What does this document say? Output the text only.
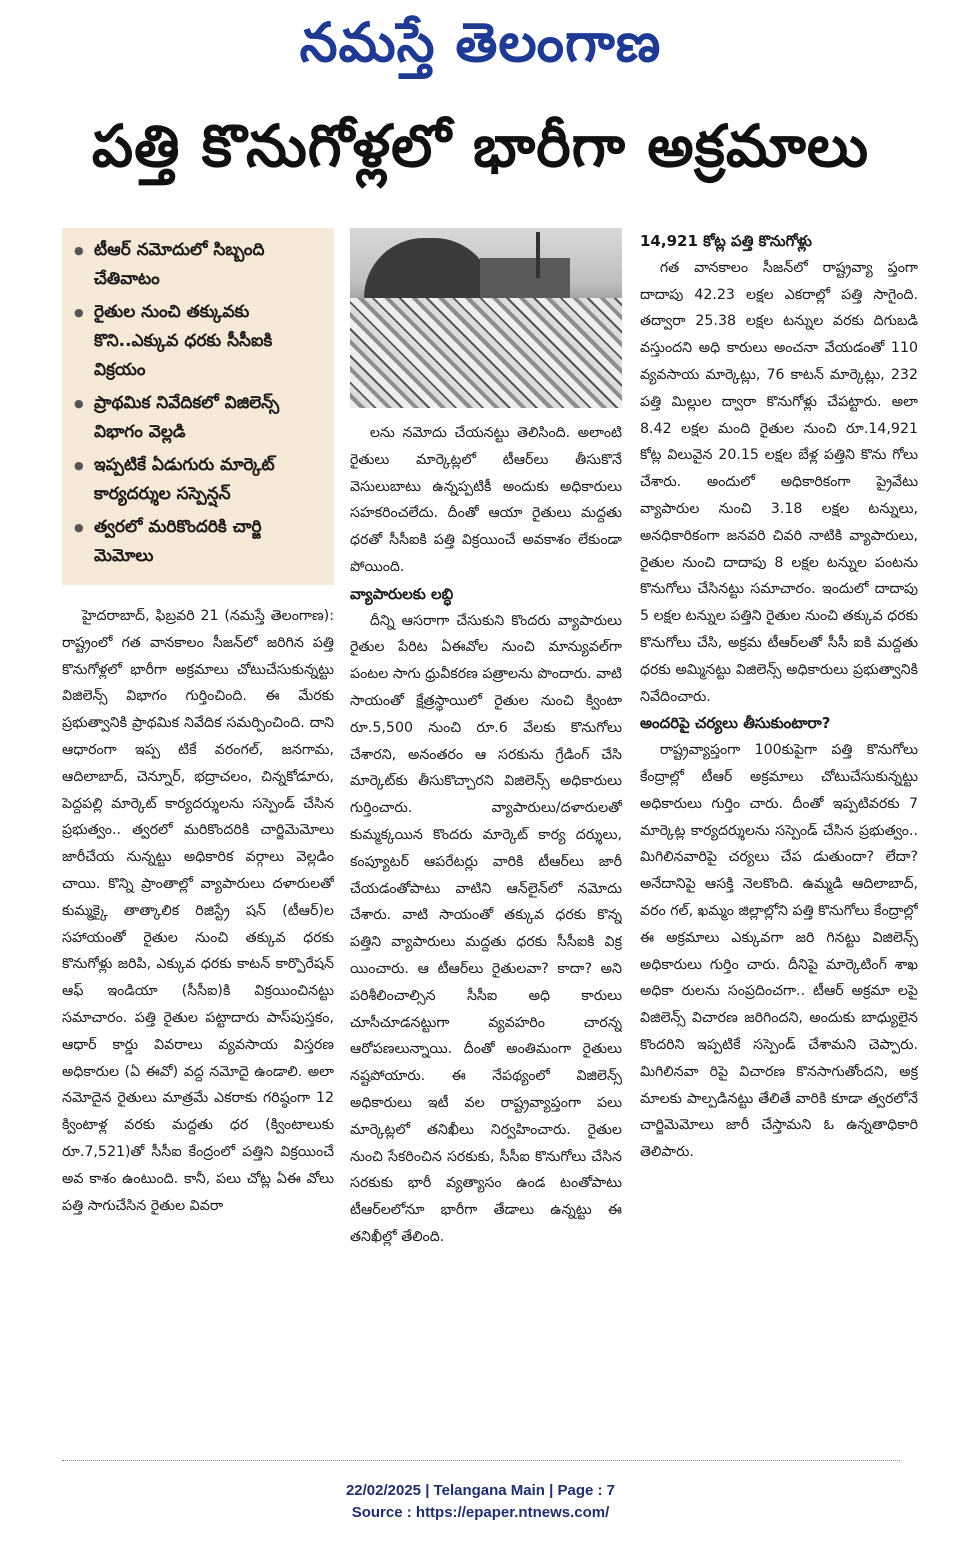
నమస్తే తెలంగాణ
పత్తి కొనుగోళ్లలో భారీగా అక్రమాలు
● టీఆర్ నమోదులో సిబ్బంది చేతివాటం
● రైతుల నుంచి తక్కువకు కొని..ఎక్కువ ధరకు సీసీఐకి విక్రయం
● ప్రాథమిక నివేదికలో విజిలెన్స్ విభాగం వెల్లడి
● ఇప్పటికే ఏడుగురు మార్కెట్ కార్యదర్శుల సస్పెన్షన్
● త్వరలో మరికొందరికి చార్జి మెమోలు

హైదరాబాద్, ఫిబ్రవరి 21 (నమస్తే తెలంగాణ): రాష్ట్రంలో గత వానకాలం సీజన్‌లో జరిగిన పత్తి కొనుగోళ్లలో భారీగా అక్రమాలు చోటుచేసుకున్నట్టు విజిలెన్స్ విభాగం గుర్తించింది. ఈ మేరకు ప్రభుత్వానికి ప్రాథమిక నివేదిక సమర్పించింది. దాని ఆధారంగా ఇప్ప టికే వరంగల్, జనగామ, ఆదిలాబాద్, చెన్నూర్, భద్రాచలం, చిన్నకోడూరు, పెద్దపల్లి మార్కెట్ కార్యదర్శులను సస్పెండ్ చేసిన ప్రభుత్వం.. త్వరలో మరికొందరికి చార్జిమెమోలు జారీచేయ నున్నట్టు అధికారిక వర్గాలు వెల్లడిం చాయి. కొన్ని ప్రాంతాల్లో వ్యాపారులు దళారులతో కుమ్మక్కై తాత్కాలిక రిజిస్ట్రే షన్ (టీఆర్)ల సహాయంతో రైతుల నుంచి తక్కువ ధరకు కొనుగోళ్లు జరిపి, ఎక్కువ ధరకు కాటన్ కార్పొరేషన్ ఆఫ్ ఇండియా (సీసీఐ)కి విక్రయించినట్టు సమాచారం. పత్తి రైతుల పట్టాదారు పాస్‌పుస్తకం, ఆధార్ కార్డు వివరాలు వ్యవసాయ విస్తరణ అధికారుల (ఏ ఈవో) వద్ద నమోదై ఉండాలి. అలా నమోదైన రైతులు మాత్రమే ఎకరాకు గరిష్ఠంగా 12 క్వింటాళ్ల వరకు మద్దతు ధర (క్వింటాలుకు రూ.7,521)తో సీసీఐ కేంద్రంలో పత్తిని విక్రయించే అవ కాశం ఉంటుంది. కానీ, పలు చోట్ల ఏఈ వోలు పత్తి సాగుచేసిన రైతుల వివరా

లను నమోదు చేయనట్టు తెలిసింది. అలాంటి రైతులు మార్కెట్లలో టీఆర్‌లు తీసుకొనే వెసులుబాటు ఉన్నప్పటికీ అందుకు అధికారులు సహకరించలేదు. దీంతో ఆయా రైతులు మద్దతు ధరతో సీసీఐకి పత్తి విక్రయించే అవకాశం లేకుండా పోయింది.

వ్యాపారులకు లబ్ధి

దీన్ని ఆసరాగా చేసుకుని కొందరు వ్యాపారులు రైతుల పేరిట ఏఈవోల నుంచి మాన్యువల్‌గా పంటల సాగు ధ్రువీకరణ పత్రాలను పొందారు. వాటి సాయంతో క్షేత్రస్థాయిలో రైతుల నుంచి క్వింటా రూ.5,500 నుంచి రూ.6 వేలకు కొనుగోలు చేశారని, అనంతరం ఆ సరకును గ్రేడింగ్ చేసి మార్కెట్‌కు తీసుకొచ్చారని విజిలెన్స్ అధికారులు గుర్తించారు. వ్యాపారులు/దళారులతో కుమ్మక్కయిన కొందరు మార్కెట్ కార్య దర్శులు, కంప్యూటర్ ఆపరేటర్లు వారికి టీఆర్‌లు జారీ చేయడంతోపాటు వాటిని ఆన్‌లైన్‌లో నమోదు చేశారు. వాటి సాయంతో తక్కువ ధరకు కొన్న పత్తిని వ్యాపారులు మద్దతు ధరకు సీసీఐకి విక్ర యించారు. ఆ టీఆర్‌లు రైతులవా? కాదా? అని పరిశీలించాల్సిన సీసీఐ అధి కారులు చూసీచూడనట్టుగా వ్యవహరిం చారన్న ఆరోపణలున్నాయి. దీంతో అంతిమంగా రైతులు నష్టపోయారు. ఈ నేపథ్యంలో విజిలెన్స్ అధికారులు ఇటీ వల రాష్ట్రవ్యాప్తంగా పలు మార్కెట్లలో తనిఖీలు నిర్వహించారు. రైతుల నుంచి సేకరించిన సరకుకు, సీసీఐ కొనుగోలు చేసిన సరకుకు భారీ వ్యత్యాసం ఉండ టంతోపాటు టీఆర్‌లలోనూ భారీగా తేడాలు ఉన్నట్టు ఈ తనిఖీల్లో తేలింది.

14,921 కోట్ల పత్తి కొనుగోళ్లు

గత వానకాలం సీజన్‌లో రాష్ట్రవ్యా ప్తంగా దాదాపు 42.23 లక్షల ఎకరాల్లో పత్తి సాగైంది. తద్వారా 25.38 లక్షల టన్నుల వరకు దిగుబడి వస్తుందని అధి కారులు అంచనా వేయడంతో 110 వ్యవసాయ మార్కెట్లు, 76 కాటన్ మార్కెట్లు, 232 పత్తి మిల్లుల ద్వారా కొనుగోళ్లు చేపట్టారు. అలా 8.42 లక్షల మంది రైతుల నుంచి రూ.14,921 కోట్ల విలువైన 20.15 లక్షల బేళ్ల పత్తిని కొను గోలు చేశారు. అందులో అధికారికంగా ప్రైవేటు వ్యాపారుల నుంచి 3.18 లక్షల టన్నులు, అనధికారికంగా జనవరి చివరి నాటికి వ్యాపారులు, రైతుల నుంచి దాదాపు 8 లక్షల టన్నుల పంటను కొనుగోలు చేసినట్టు సమాచారం. ఇందులో దాదాపు 5 లక్షల టన్నుల పత్తిని రైతుల నుంచి తక్కువ ధరకు కొనుగోలు చేసి, అక్రమ టీఆర్‌లతో సీసీ ఐకి మద్దతు ధరకు అమ్మినట్టు విజిలెన్స్ అధికారులు ప్రభుత్వానికి నివేదించారు.

అందరిపై చర్యలు తీసుకుంటారా?

రాష్ట్రవ్యాప్తంగా 100కుపైగా పత్తి కొనుగోలు కేంద్రాల్లో టీఆర్ అక్రమాలు చోటుచేసుకున్నట్టు అధికారులు గుర్తిం చారు. దీంతో ఇప్పటివరకు 7 మార్కెట్ల కార్యదర్శులను సస్పెండ్ చేసిన ప్రభుత్వం.. మిగిలినవారిపై చర్యలు చేప డుతుందా? లేదా? అనేదానిపై ఆసక్తి నెలకొంది. ఉమ్మడి ఆదిలాబాద్, వరం గల్, ఖమ్మం జిల్లాల్లోని పత్తి కొనుగోలు కేంద్రాల్లో ఈ అక్రమాలు ఎక్కువగా జరి గినట్టు విజిలెన్స్ అధికారులు గుర్తిం చారు. దీనిపై మార్కెటింగ్ శాఖ అధికా రులను సంప్రదించగా.. టీఆర్ అక్రమా లపై విజిలెన్స్ విచారణ జరిగిందని, అందుకు బాధ్యులైన కొందరిని ఇప్పటికే సస్పెండ్ చేశామని చెప్పారు. మిగిలినవా రిపై విచారణ కొనసాగుతోందని, అక్ర మాలకు పాల్పడినట్టు తేలితే వారికి కూడా త్వరలోనే చార్జిమెమోలు జారీ చేస్తామని ఓ ఉన్నతాధికారి తెలిపారు.

22/02/2025 | Telangana Main | Page : 7
Source : https://epaper.ntnews.com/
